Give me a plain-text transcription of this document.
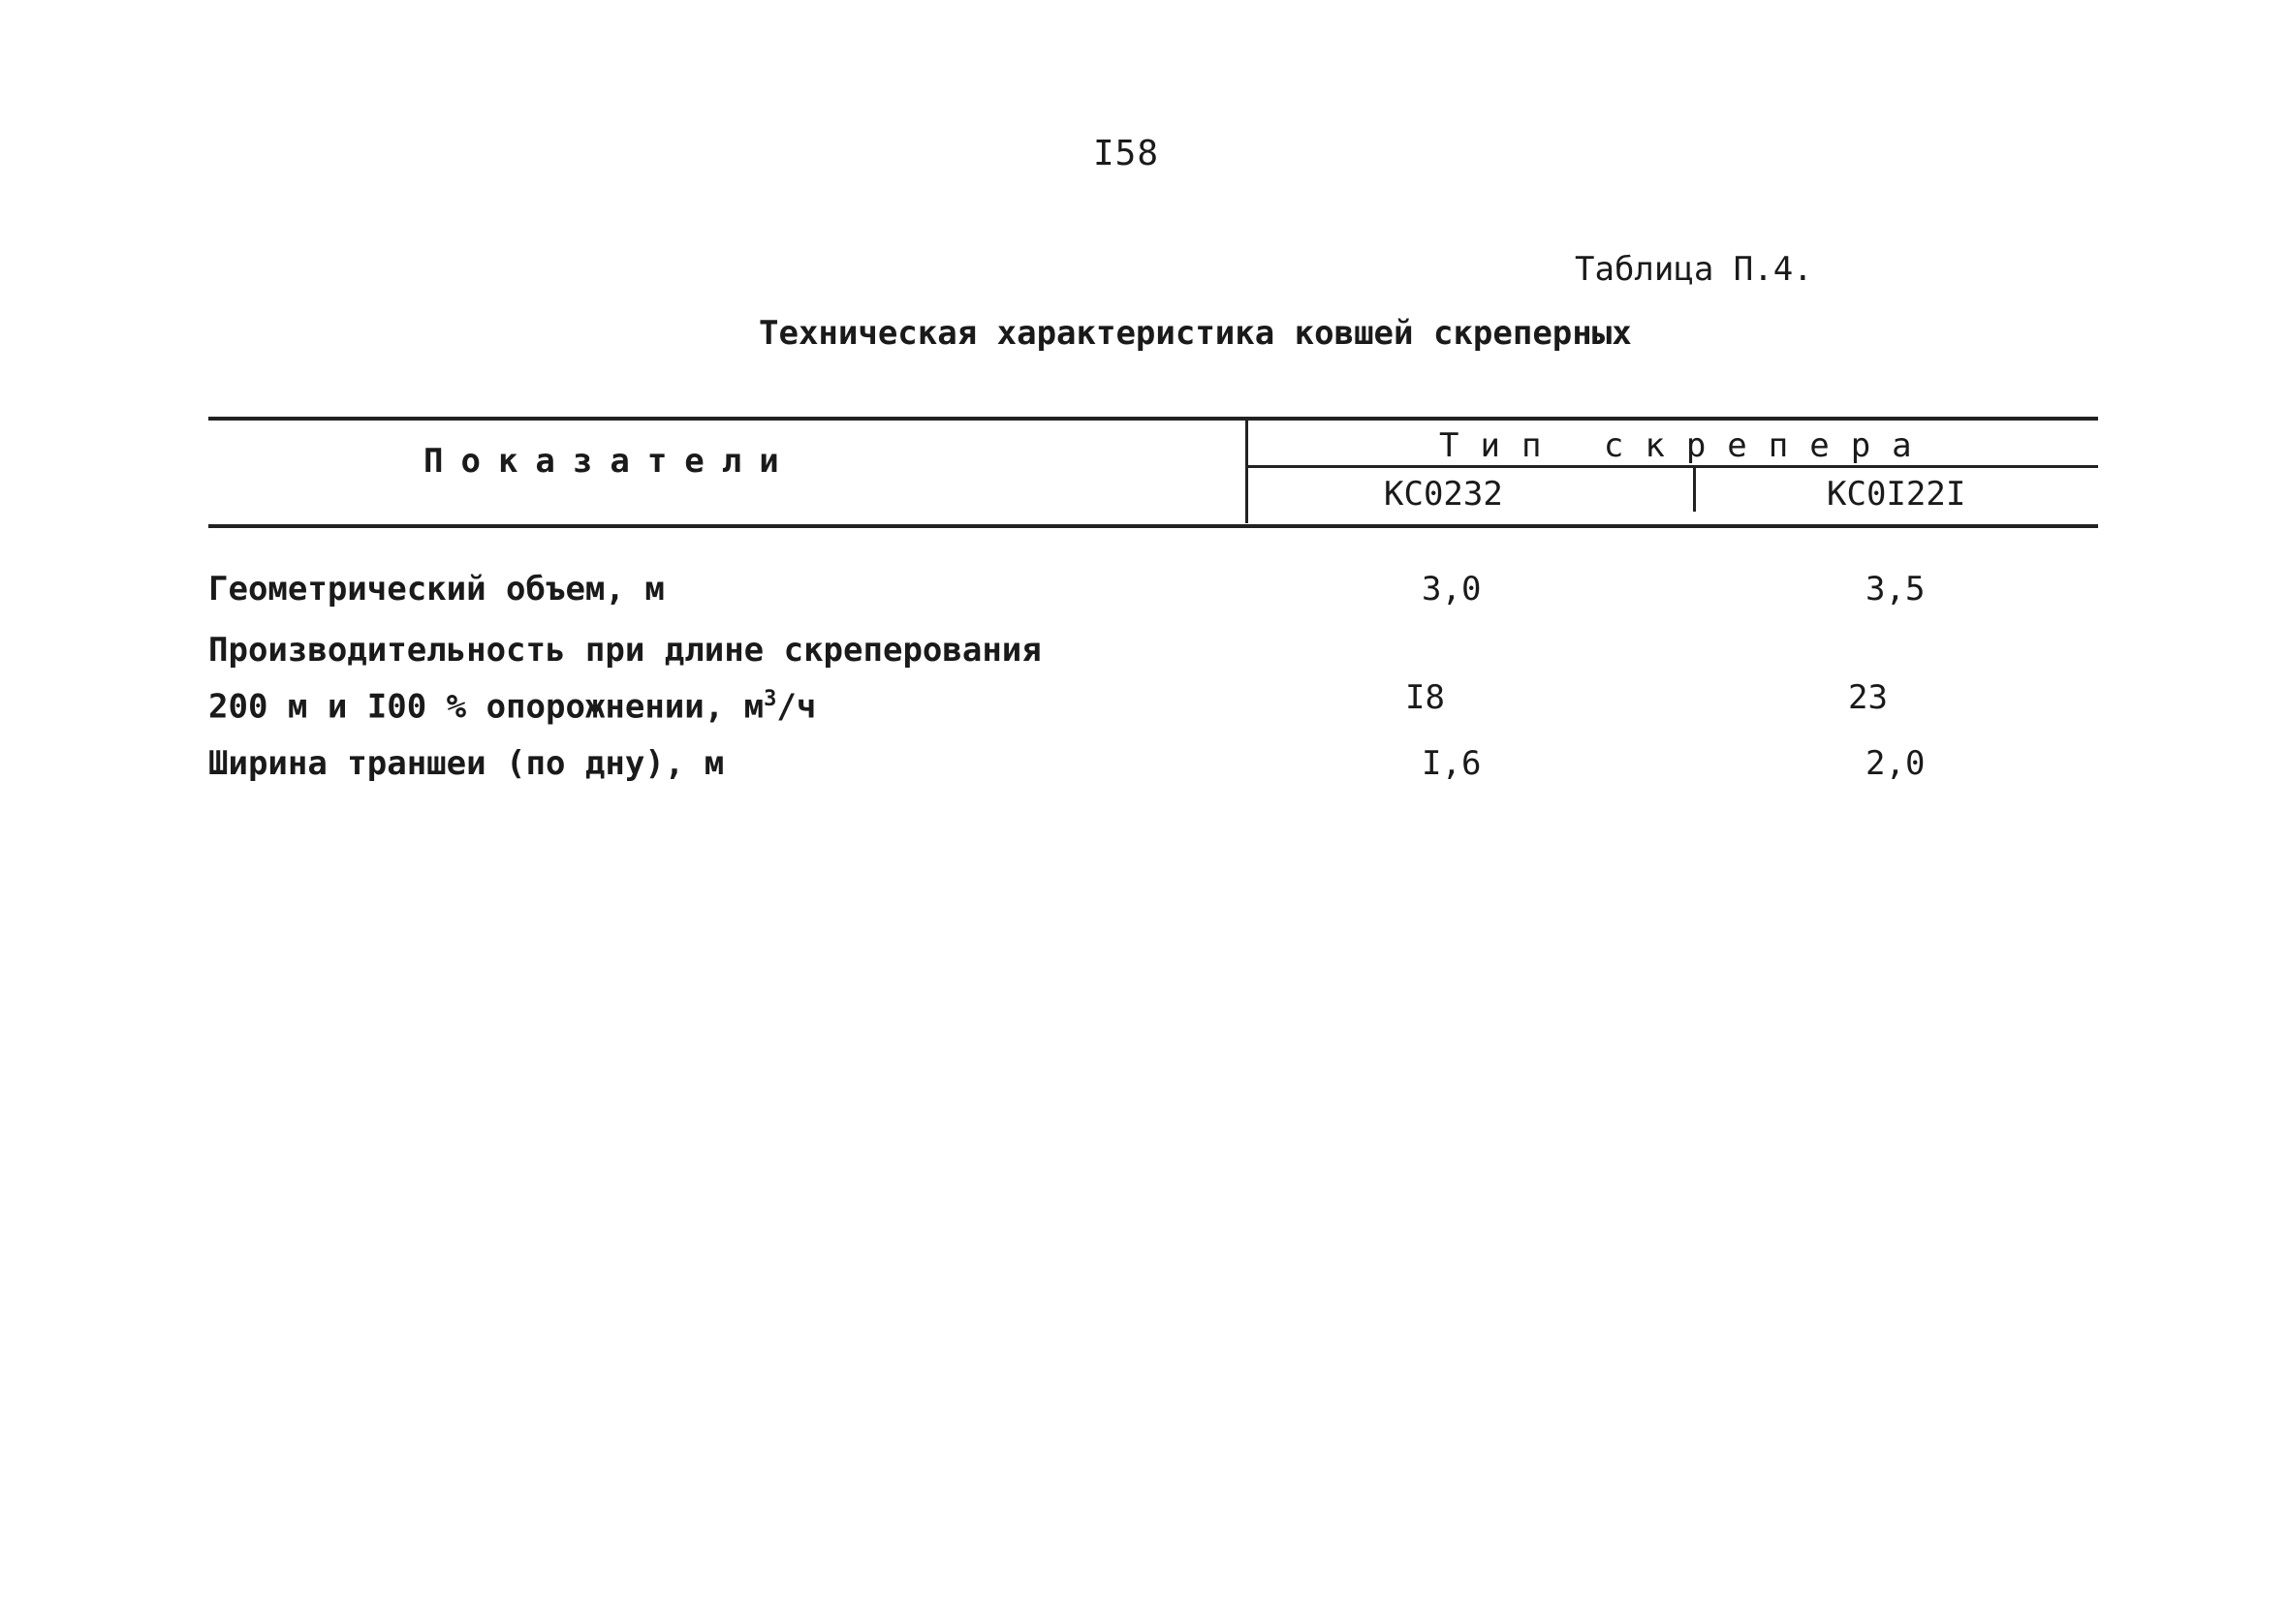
I58
Таблица П.4.
Техническая характеристика ковшей скреперных
Показатели	Тип скрепера
КС0232	КС0I22I
Геометрический объем, м	3,0	3,5
Производительность при длине скреперования
200 м и I00 % опорожнении, $м^3/ч$	I8	23
Ширина траншеи (по дну), м	I,6	2,0
